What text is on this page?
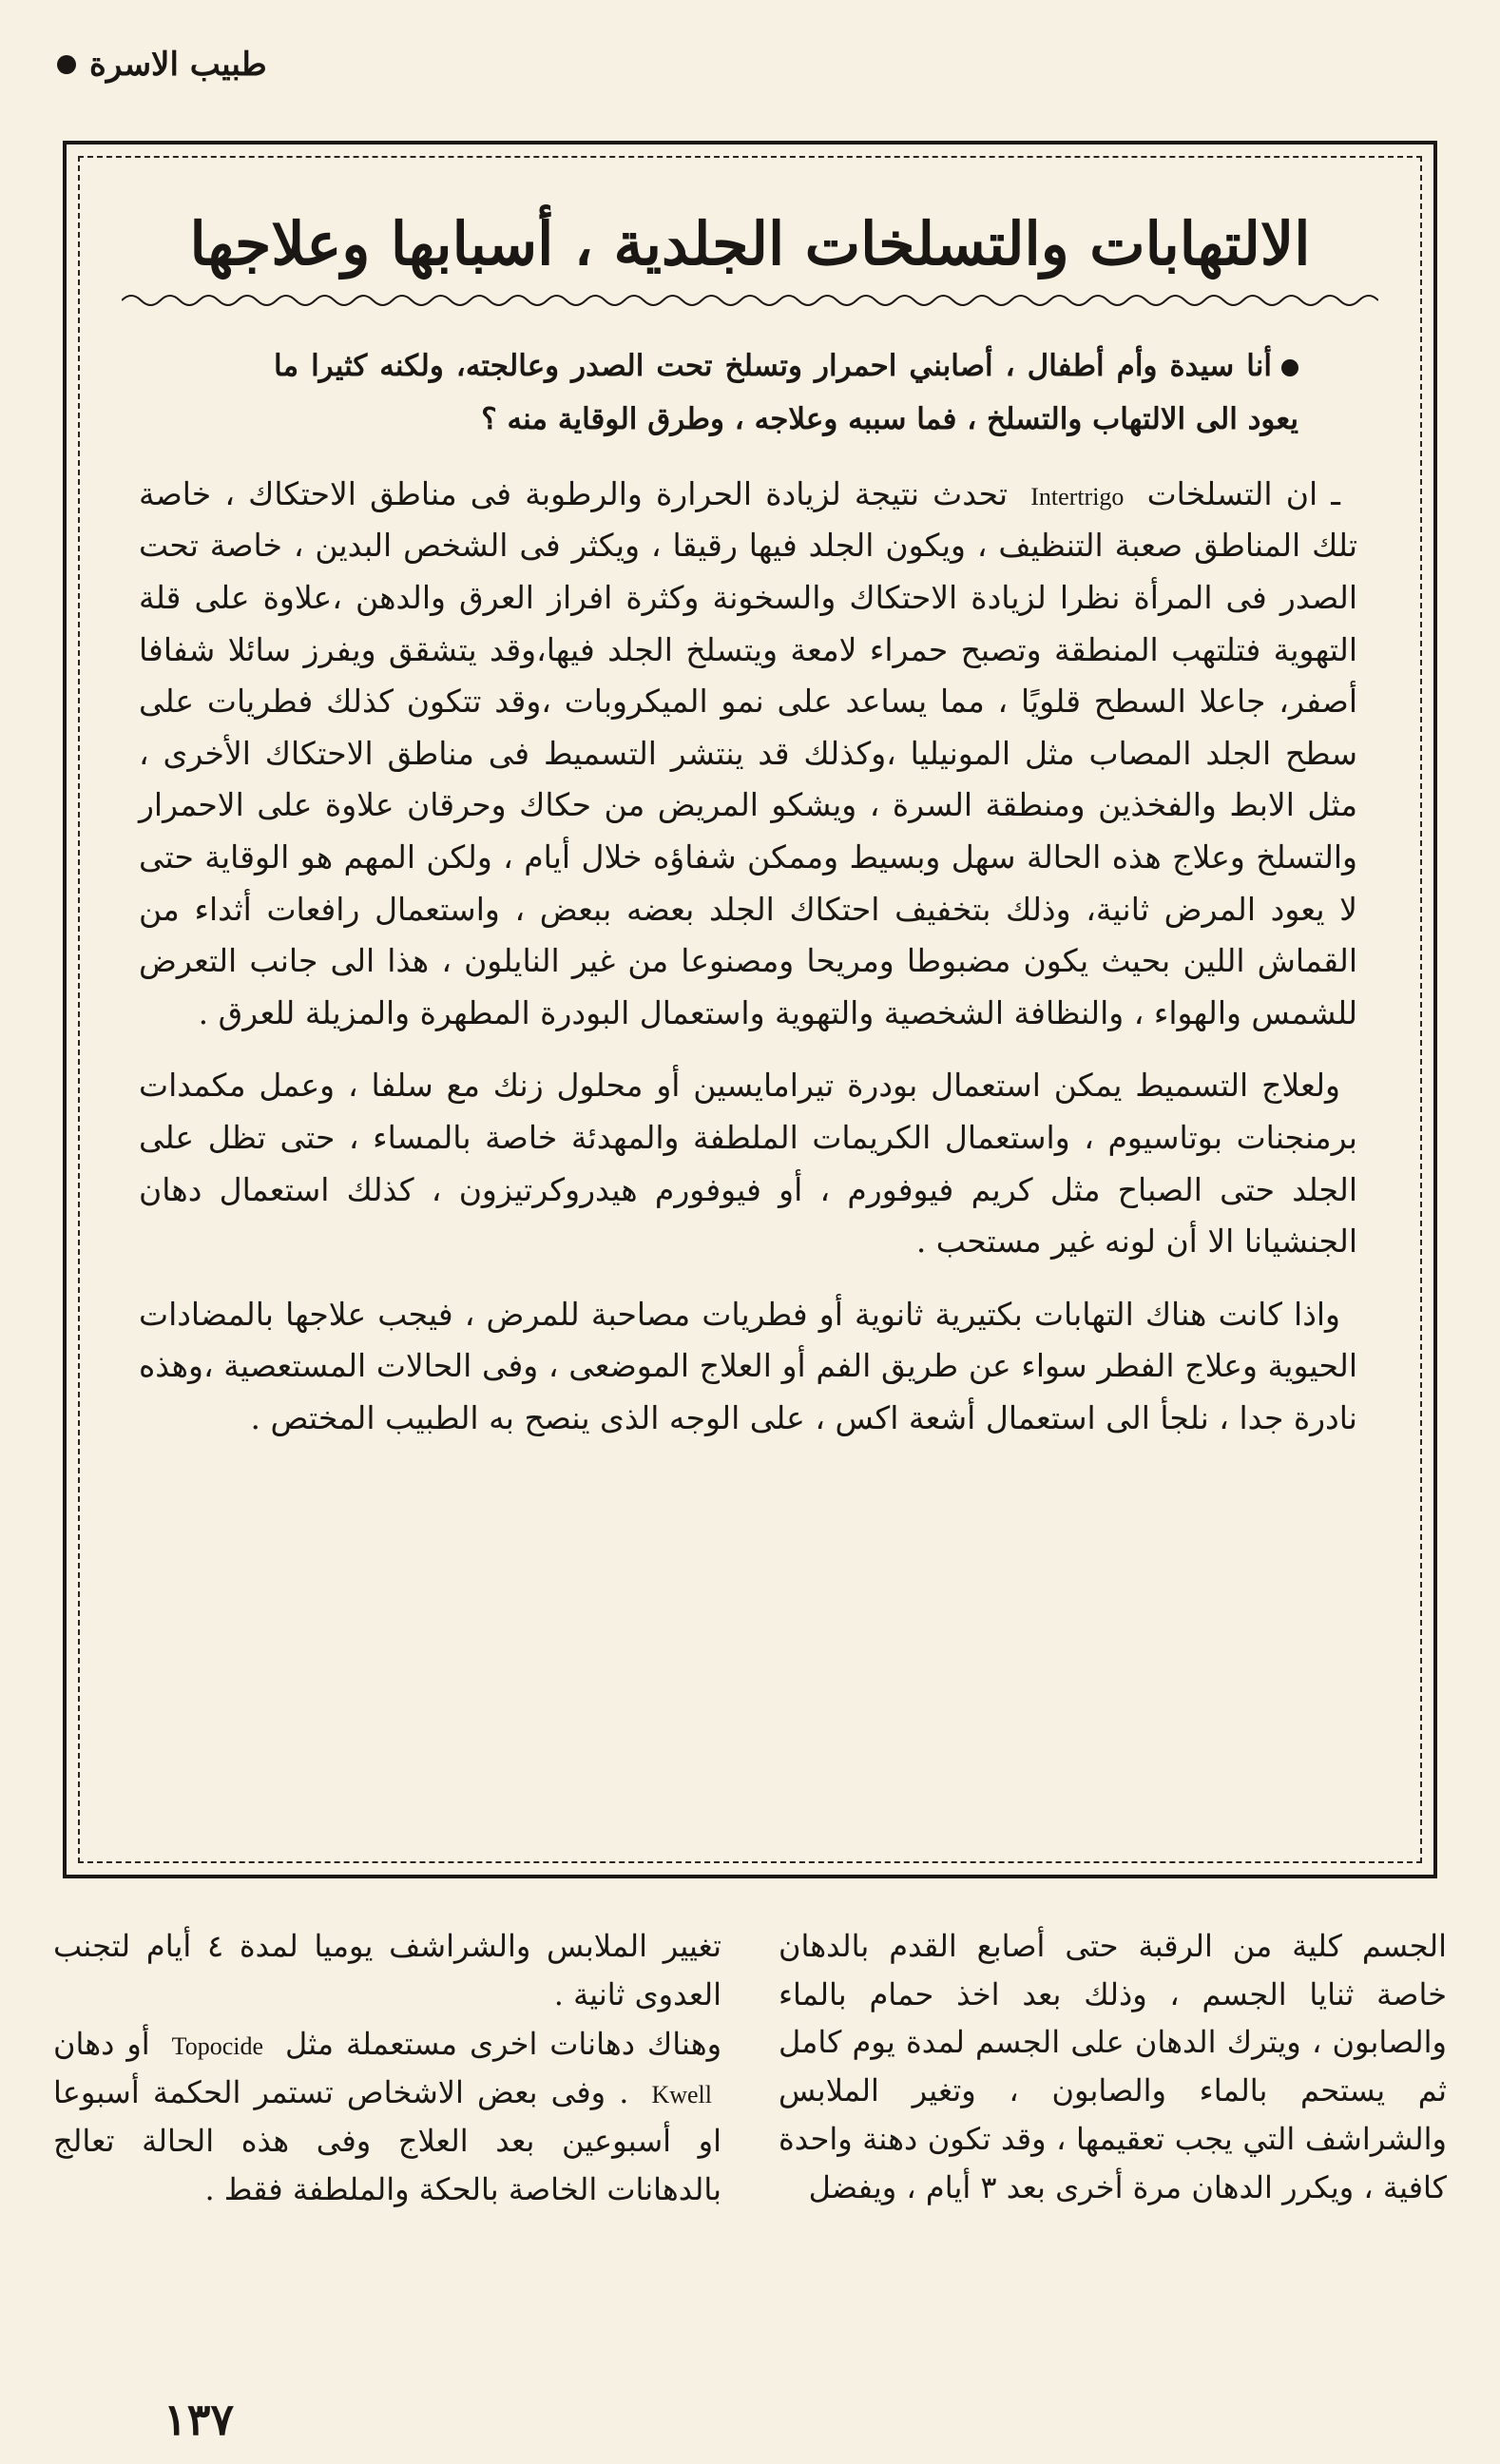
طبيب الاسرة
الالتهابات والتسلخات الجلدية ، أسبابها وعلاجها
أنا سيدة وأم أطفال ، أصابني احمرار وتسلخ تحت الصدر وعالجته، ولكنه كثيرا ما يعود الى الالتهاب والتسلخ ، فما سببه وعلاجه ، وطرق الوقاية منه ؟

ـ ان التسلخات Intertrigo تحدث نتيجة لزيادة الحرارة والرطوبة فى مناطق الاحتكاك ، خاصة تلك المناطق صعبة التنظيف ، ويكون الجلد فيها رقيقا ، ويكثر فى الشخص البدين ، خاصة تحت الصدر فى المرأة نظرا لزيادة الاحتكاك والسخونة وكثرة افراز العرق والدهن ،علاوة على قلة التهوية فتلتهب المنطقة وتصبح حمراء لامعة ويتسلخ الجلد فيها،وقد يتشقق ويفرز سائلا شفافا أصفر، جاعلا السطح قلويًا ، مما يساعد على نمو الميكروبات ،وقد تتكون كذلك فطريات على سطح الجلد المصاب مثل المونيليا ،وكذلك قد ينتشر التسميط فى مناطق الاحتكاك الأخرى ، مثل الابط والفخذين ومنطقة السرة ، ويشكو المريض من حكاك وحرقان علاوة على الاحمرار والتسلخ وعلاج هذه الحالة سهل وبسيط وممكن شفاؤه خلال أيام ، ولكن المهم هو الوقاية حتى لا يعود المرض ثانية، وذلك بتخفيف احتكاك الجلد بعضه ببعض ، واستعمال رافعات أثداء من القماش اللين بحيث يكون مضبوطا ومريحا ومصنوعا من غير النايلون ، هذا الى جانب التعرض للشمس والهواء ، والنظافة الشخصية والتهوية واستعمال البودرة المطهرة والمزيلة للعرق .

ولعلاج التسميط يمكن استعمال بودرة تيرامايسين أو محلول زنك مع سلفا ، وعمل مكمدات برمنجنات بوتاسيوم ، واستعمال الكريمات الملطفة والمهدئة خاصة بالمساء ، حتى تظل على الجلد حتى الصباح مثل كريم فيوفورم ، أو فيوفورم هيدروكرتيزون ، كذلك استعمال دهان الجنشيانا الا أن لونه غير مستحب .

واذا كانت هناك التهابات بكتيرية ثانوية أو فطريات مصاحبة للمرض ، فيجب علاجها بالمضادات الحيوية وعلاج الفطر سواء عن طريق الفم أو العلاج الموضعى ، وفى الحالات المستعصية ،وهذه نادرة جدا ، نلجأ الى استعمال أشعة اكس ، على الوجه الذى ينصح به الطبيب المختص .

الجسم كلية من الرقبة حتى أصابع القدم بالدهان خاصة ثنايا الجسم ، وذلك بعد اخذ حمام بالماء والصابون ، ويترك الدهان على الجسم لمدة يوم كامل ثم يستحم بالماء والصابون ، وتغير الملابس والشراشف التي يجب تعقيمها ، وقد تكون دهنة واحدة كافية ، ويكرر الدهان مرة أخرى بعد ٣ أيام ، ويفضل

تغيير الملابس والشراشف يوميا لمدة ٤ أيام لتجنب العدوى ثانية .

وهناك دهانات اخرى مستعملة مثل Topocide أو دهان Kwell . وفى بعض الاشخاص تستمر الحكمة أسبوعا او أسبوعين بعد العلاج وفى هذه الحالة تعالج بالدهانات الخاصة بالحكة والملطفة فقط .

١٣٧
